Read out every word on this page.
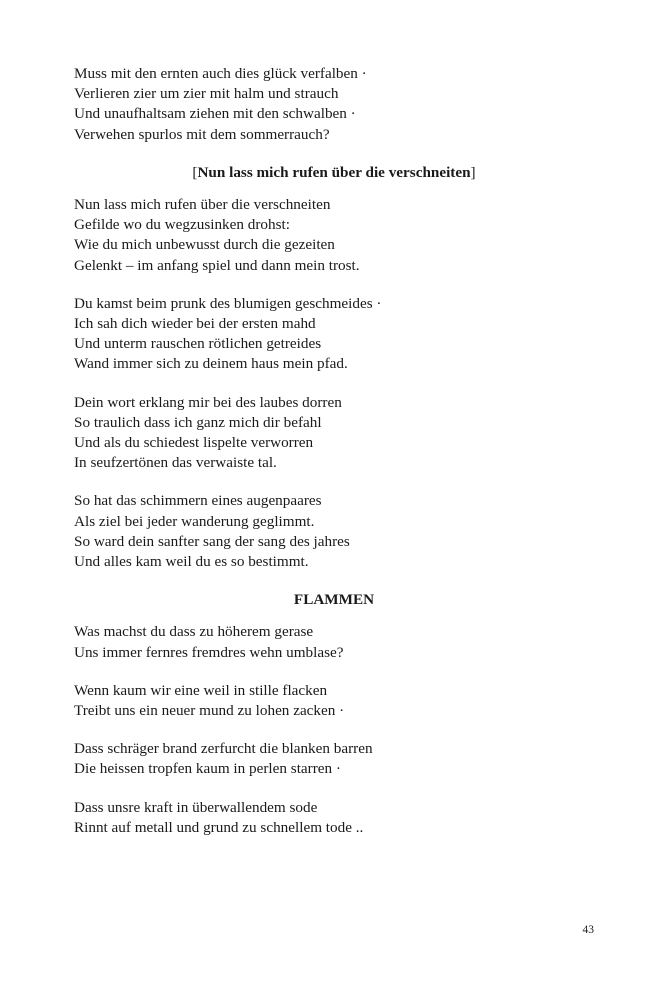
Muss mit den ernten auch dies glück verfalben ·
Verlieren zier um zier mit halm und strauch
Und unaufhaltsam ziehen mit den schwalben ·
Verwehen spurlos mit dem sommerrauch?
[Nun lass mich rufen über die verschneiten]
Nun lass mich rufen über die verschneiten
Gefilde wo du wegzusinken drohst:
Wie du mich unbewusst durch die gezeiten
Gelenkt – im anfang spiel und dann mein trost.
Du kamst beim prunk des blumigen geschmeides ·
Ich sah dich wieder bei der ersten mahd
Und unterm rauschen rötlichen getreides
Wand immer sich zu deinem haus mein pfad.
Dein wort erklang mir bei des laubes dorren
So traulich dass ich ganz mich dir befahl
Und als du schiedest lispelte verworren
In seufzertönen das verwaiste tal.
So hat das schimmern eines augenpaares
Als ziel bei jeder wanderung geglimmt.
So ward dein sanfter sang der sang des jahres
Und alles kam weil du es so bestimmt.
FLAMMEN
Was machst du dass zu höherem gerase
Uns immer fernres fremdres wehn umblase?
Wenn kaum wir eine weil in stille flacken
Treibt uns ein neuer mund zu lohen zacken ·
Dass schräger brand zerfurcht die blanken barren
Die heissen tropfen kaum in perlen starren ·
Dass unsre kraft in überwallendem sode
Rinnt auf metall und grund zu schnellem tode ..
43
